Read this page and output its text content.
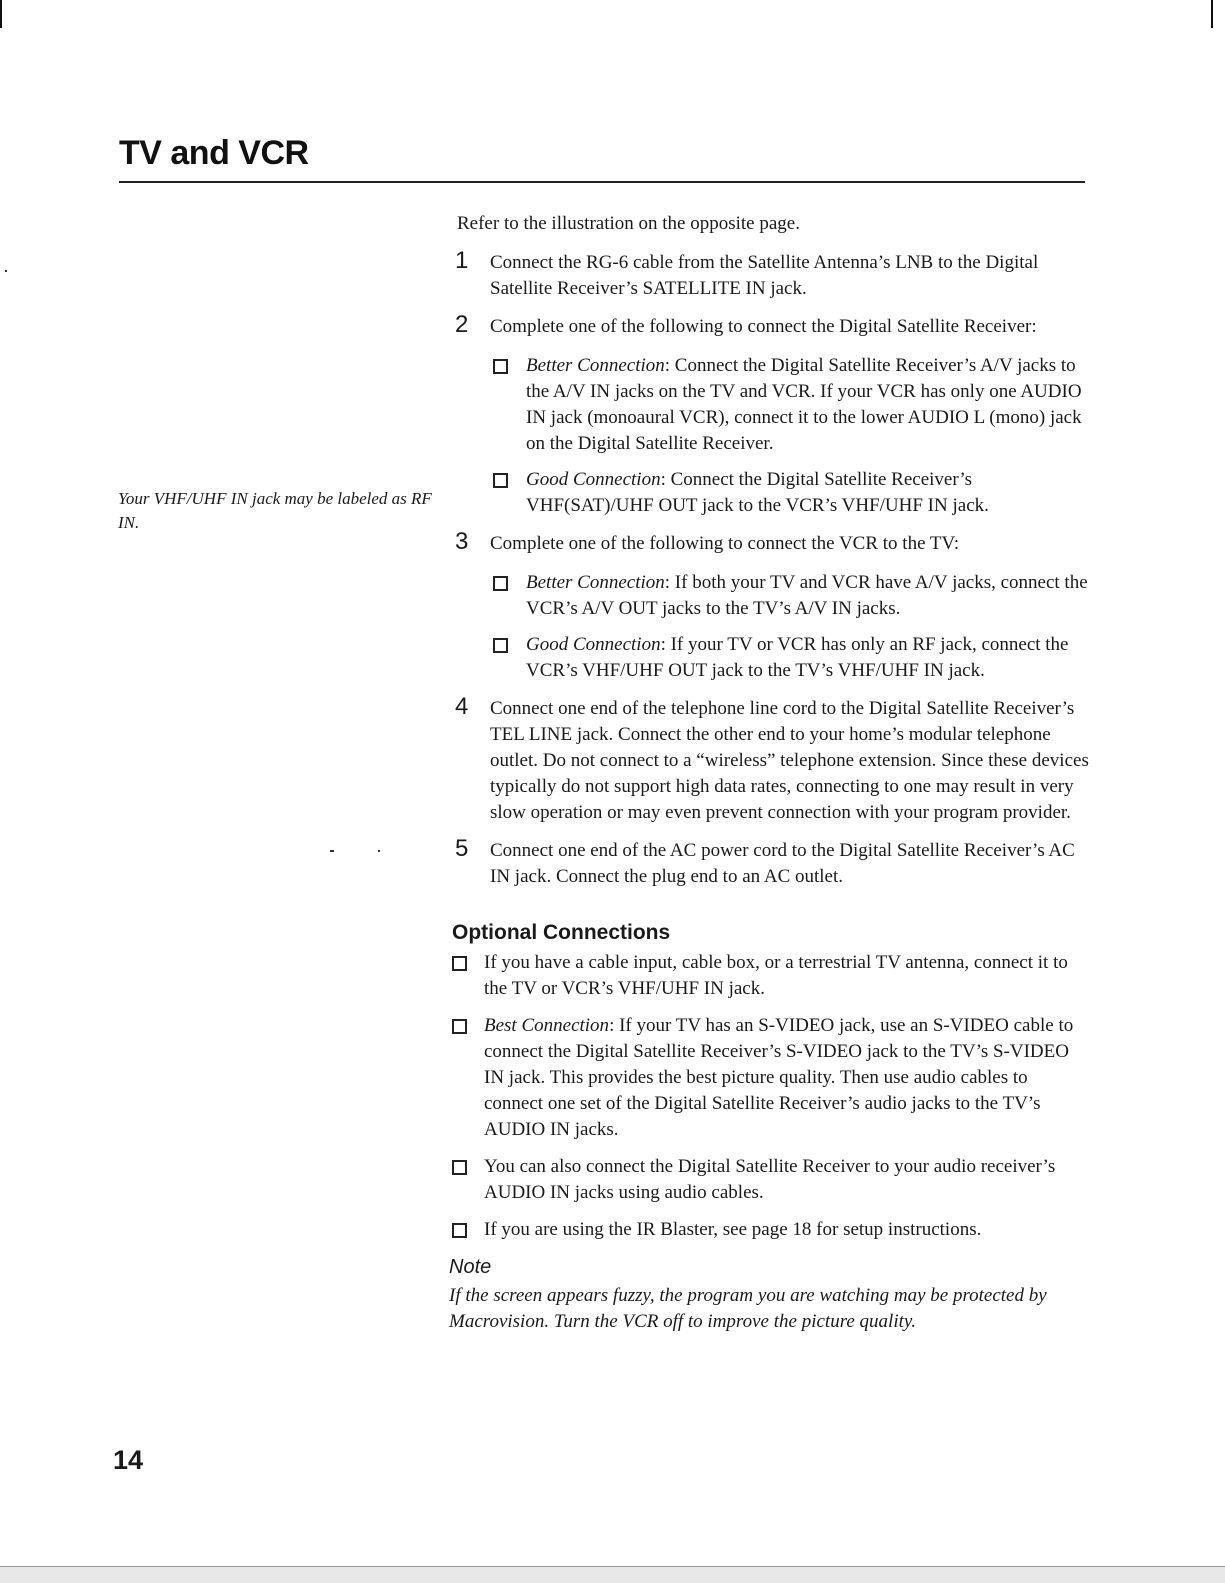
TV and VCR
Your VHF/UHF IN jack may be labeled as RF IN.

Refer to the illustration on the opposite page.

1 Connect the RG-6 cable from the Satellite Antenna’s LNB to the Digital Satellite Receiver’s SATELLITE IN jack.

2 Complete one of the following to connect the Digital Satellite Receiver:

Better Connection: Connect the Digital Satellite Receiver’s A/V jacks to the A/V IN jacks on the TV and VCR. If your VCR has only one AUDIO IN jack (monoaural VCR), connect it to the lower AUDIO L (mono) jack on the Digital Satellite Receiver.
Good Connection: Connect the Digital Satellite Receiver’s VHF(SAT)/UHF OUT jack to the VCR’s VHF/UHF IN jack.
3 Complete one of the following to connect the VCR to the TV:

Better Connection: If both your TV and VCR have A/V jacks, connect the VCR’s A/V OUT jacks to the TV’s A/V IN jacks.
Good Connection: If your TV or VCR has only an RF jack, connect the VCR’s VHF/UHF OUT jack to the TV’s VHF/UHF IN jack.
4 Connect one end of the telephone line cord to the Digital Satellite Receiver’s TEL LINE jack. Connect the other end to your home’s modular telephone outlet. Do not connect to a “wireless” telephone extension. Since these devices typically do not support high data rates, connecting to one may result in very slow operation or may even prevent connection with your program provider.

5 Connect one end of the AC power cord to the Digital Satellite Receiver’s AC IN jack. Connect the plug end to an AC outlet.

Optional Connections
If you have a cable input, cable box, or a terrestrial TV antenna, connect it to the TV or VCR’s VHF/UHF IN jack.
Best Connection: If your TV has an S-VIDEO jack, use an S-VIDEO cable to connect the Digital Satellite Receiver’s S-VIDEO jack to the TV’s S-VIDEO IN jack. This provides the best picture quality. Then use audio cables to connect one set of the Digital Satellite Receiver’s audio jacks to the TV’s AUDIO IN jacks.
You can also connect the Digital Satellite Receiver to your audio receiver’s AUDIO IN jacks using audio cables.
If you are using the IR Blaster, see page 18 for setup instructions.
Note
If the screen appears fuzzy, the program you are watching may be protected by Macrovision. Turn the VCR off to improve the picture quality.
14
